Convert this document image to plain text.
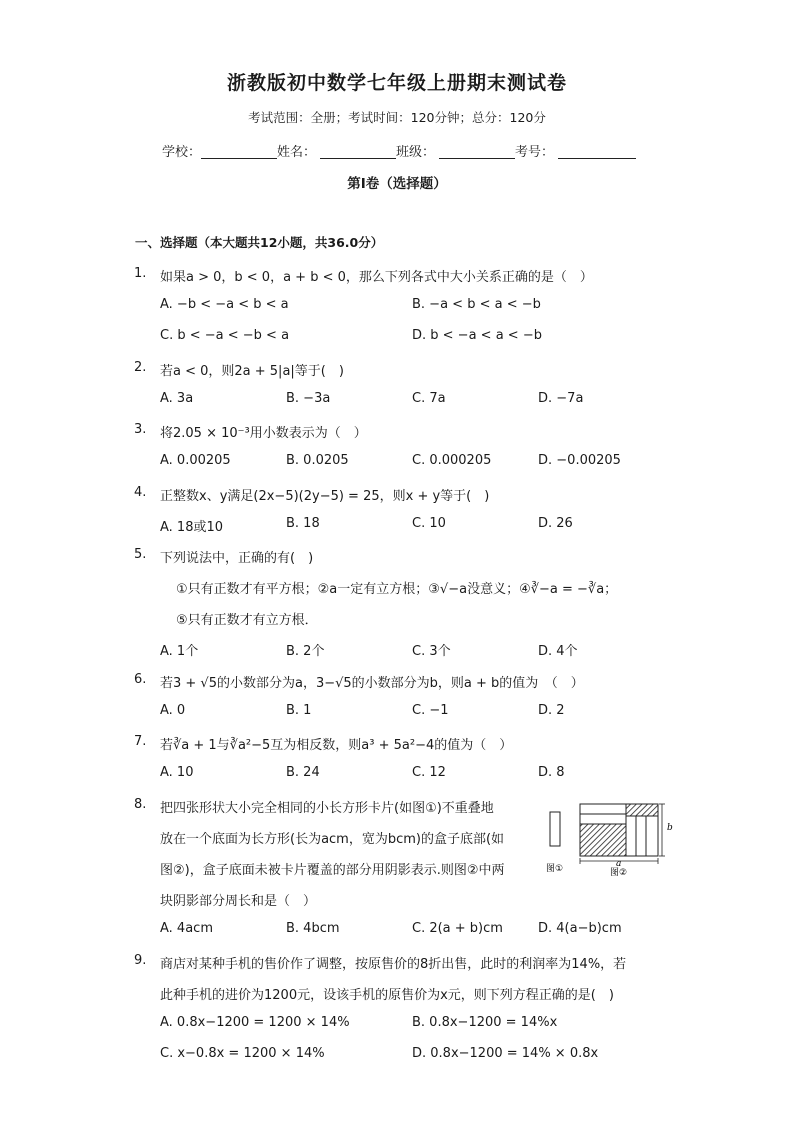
浙教版初中数学七年级上册期末测试卷
考试范围：全册；考试时间：120分钟；总分：120分
学校：	姓名：	班级：	考号：
第I卷（选择题）
一、选择题（本大题共12小题，共36.0分）
1. 如果a > 0，b < 0，a + b < 0，那么下列各式中大小关系正确的是（　）
A. −b < −a < b < a	B. −a < b < a < −b
C. b < −a < −b < a	D. b < −a < a < −b
2. 若a < 0，则2a + 5|a|等于(　)
A. 3a	B. −3a	C. 7a	D. −7a
3. 将2.05 × 10⁻³用小数表示为（　）
A. 0.00205	B. 0.0205	C. 0.000205	D. −0.00205
4. 正整数x、y满足(2x−5)(2y−5) = 25，则x + y等于(　)
A. 18或10	B. 18	C. 10	D. 26
5. 下列说法中，正确的有(　)
①只有正数才有平方根；②a一定有立方根；③√−a没意义；④∛−a = −∛a；
⑤只有正数才有立方根．
A. 1个	B. 2个	C. 3个	D. 4个
6. 若3 + √5的小数部分为a，3−√5的小数部分为b，则a + b的值为　（　）
A. 0	B. 1	C. −1	D. 2
7. 若∛a + 1与∛a²−5互为相反数，则a³ + 5a²−4的值为（　）
A. 10	B. 24	C. 12	D. 8
8. 把四张形状大小完全相同的小长方形卡片(如图①)不重叠地
放在一个底面为长方形(长为acm，宽为bcm)的盒子底部(如
图②)，盒子底面未被卡片覆盖的部分用阴影表示.则图②中两
块阴影部分周长和是（　）
A. 4acm	B. 4bcm	C. 2(a + b)cm	D. 4(a−b)cm
图①
b
a
图②
9. 商店对某种手机的售价作了调整，按原售价的8折出售，此时的利润率为14%，若
此种手机的进价为1200元，设该手机的原售价为x元，则下列方程正确的是(　)
A. 0.8x−1200 = 1200 × 14%	B. 0.8x−1200 = 14%x
C. x−0.8x = 1200 × 14%	D. 0.8x−1200 = 14% × 0.8x
